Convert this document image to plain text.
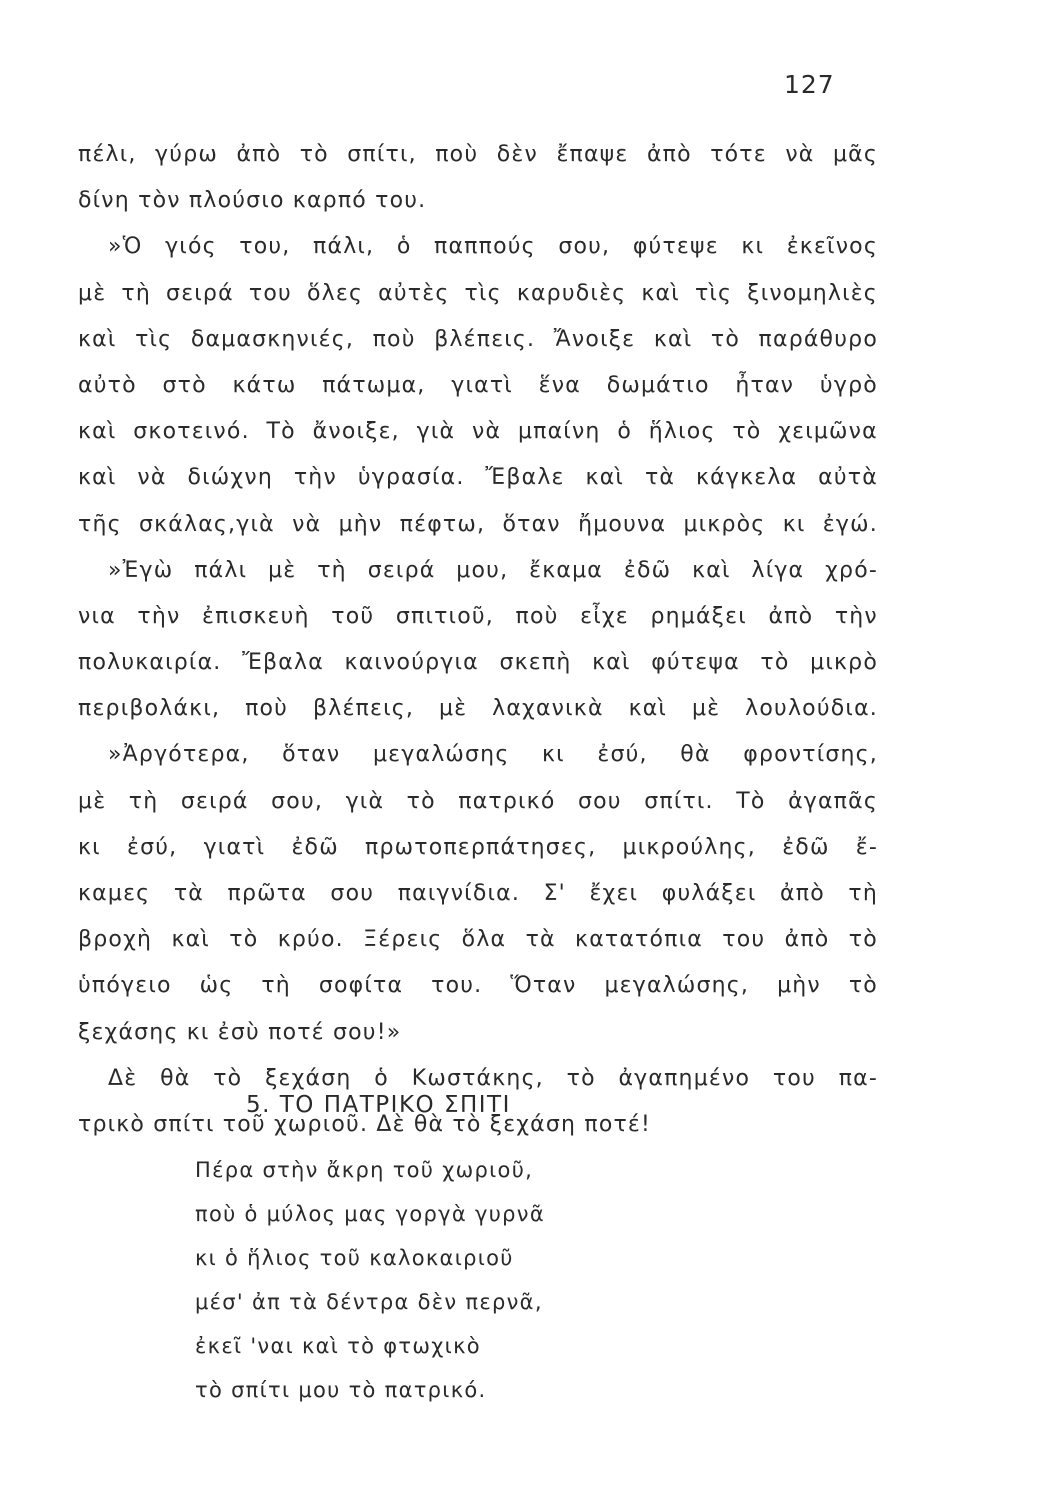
127
πέλι, γύρω ἀπὸ τὸ σπίτι, ποὺ δὲν ἔπαψε ἀπὸ τότε νὰ μᾶς
δίνη τὸν πλούσιο καρπό του.
»Ὁ γιός του, πάλι, ὁ παππούς σου, φύτεψε κι ἐκεῖνος
μὲ τὴ σειρά του ὅλες αὐτὲς τὶς καρυδιὲς καὶ τὶς ξινομηλιὲς
καὶ τὶς δαμασκηνιές, ποὺ βλέπεις. Ἄνοιξε καὶ τὸ παράθυρο
αὐτὸ στὸ κάτω πάτωμα, γιατὶ ἕνα δωμάτιο ἦταν ὑγρὸ
καὶ σκοτεινό. Τὸ ἄνοιξε, γιὰ νὰ μπαίνη ὁ ἥλιος τὸ χειμῶνα
καὶ νὰ διώχνη τὴν ὑγρασία. Ἔβαλε καὶ τὰ κάγκελα αὐτὰ
τῆς σκάλας,γιὰ νὰ μὴν πέφτω, ὅταν ἤμουνα μικρὸς κι ἐγώ.
»Ἐγὼ πάλι μὲ τὴ σειρά μου, ἔκαμα ἐδῶ καὶ λίγα χρό-
νια τὴν ἐπισκευὴ τοῦ σπιτιοῦ, ποὺ εἶχε ρημάξει ἀπὸ τὴν
πολυκαιρία. Ἔβαλα καινούργια σκεπὴ καὶ φύτεψα τὸ μικρὸ
περιβολάκι, ποὺ βλέπεις, μὲ λαχανικὰ καὶ μὲ λουλούδια.
»Ἀργότερα, ὅταν μεγαλώσης κι ἐσύ, θὰ φροντίσης,
μὲ τὴ σειρά σου, γιὰ τὸ πατρικό σου σπίτι. Τὸ ἀγαπᾶς
κι ἐσύ, γιατὶ ἐδῶ πρωτοπερπάτησες, μικρούλης, ἐδῶ ἔ-
καμες τὰ πρῶτα σου παιγνίδια. Σ' ἔχει φυλάξει ἀπὸ τὴ
βροχὴ καὶ τὸ κρύο. Ξέρεις ὅλα τὰ κατατόπια του ἀπὸ τὸ
ὑπόγειο ὡς τὴ σοφίτα του. Ὅταν μεγαλώσης, μὴν τὸ
ξεχάσης κι ἐσὺ ποτέ σου!»
Δὲ θὰ τὸ ξεχάση ὁ Κωστάκης, τὸ ἀγαπημένο του πα-
τρικὸ σπίτι τοῦ χωριοῦ. Δὲ θὰ τὸ ξεχάση ποτέ!
5. ΤΟ ΠΑΤΡΙΚΟ ΣΠΙΤΙ
Πέρα στὴν ἄκρη τοῦ χωριοῦ,
ποὺ ὁ μύλος μας γοργὰ γυρνᾶ
κι ὁ ἥλιος τοῦ καλοκαιριοῦ
μέσ' ἀπ τὰ δέντρα δὲν περνᾶ,
ἐκεῖ 'ναι καὶ τὸ φτωχικὸ
τὸ σπίτι μου τὸ πατρικό.
